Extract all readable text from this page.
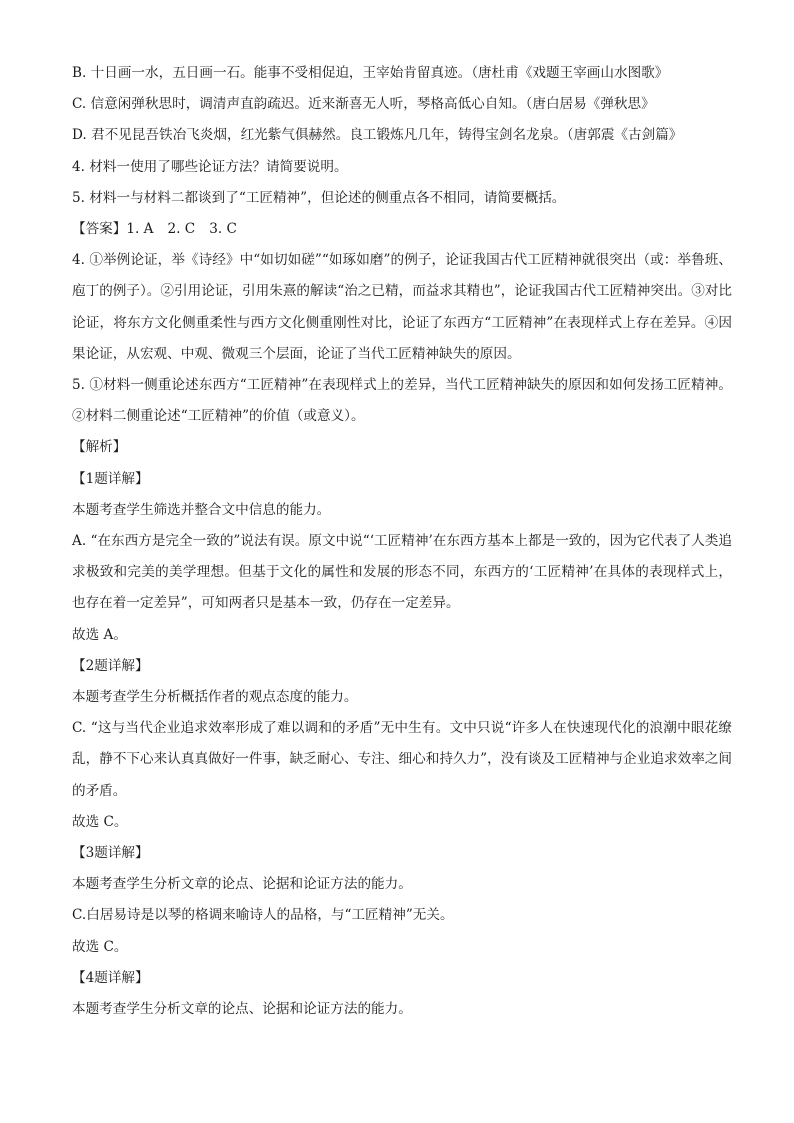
B. 十日画一水，五日画一石。能事不受相促迫，王宰始肯留真迹。（唐杜甫《戏题王宰画山水图歌》
C. 信意闲弹秋思时，调清声直韵疏迟。近来渐喜无人听，琴格高低心自知。（唐白居易《弹秋思》
D. 君不见昆吾铁冶飞炎烟，红光紫气俱赫然。良工锻炼凡几年，铸得宝剑名龙泉。（唐郭震《古剑篇》
4. 材料一使用了哪些论证方法？请简要说明。
5. 材料一与材料二都谈到了“工匠精神”，但论述的侧重点各不相同，请简要概括。
【答案】1. A 2. C 3. C
4. ①举例论证，举《诗经》中“如切如磋”“如琢如磨”的例子，论证我国古代工匠精神就很突出（或：举鲁班、庖丁的例子）。②引用论证，引用朱熹的解读“治之已精，而益求其精也”，论证我国古代工匠精神突出。③对比论证，将东方文化侧重柔性与西方文化侧重刚性对比，论证了东西方“工匠精神”在表现样式上存在差异。④因果论证，从宏观、中观、微观三个层面，论证了当代工匠精神缺失的原因。
5. ①材料一侧重论述东西方“工匠精神”在表现样式上的差异，当代工匠精神缺失的原因和如何发扬工匠精神。②材料二侧重论述“工匠精神”的价值（或意义）。
【解析】
【1题详解】
本题考查学生筛选并整合文中信息的能力。
A. “在东西方是完全一致的”说法有误。原文中说“‘工匠精神’在东西方基本上都是一致的，因为它代表了人类追求极致和完美的美学理想。但基于文化的属性和发展的形态不同，东西方的‘工匠精神’在具体的表现样式上，也存在着一定差异”，可知两者只是基本一致，仍存在一定差异。
故选 A。
【2题详解】
本题考查学生分析概括作者的观点态度的能力。
C. “这与当代企业追求效率形成了难以调和的矛盾”无中生有。文中只说“许多人在快速现代化的浪潮中眼花缭乱，静不下心来认真真做好一件事，缺乏耐心、专注、细心和持久力”，没有谈及工匠精神与企业追求效率之间的矛盾。
故选 C。
【3题详解】
本题考查学生分析文章的论点、论据和论证方法的能力。
C.白居易诗是以琴的格调来喻诗人的品格，与“工匠精神”无关。
故选 C。
【4题详解】
本题考查学生分析文章的论点、论据和论证方法的能力。
